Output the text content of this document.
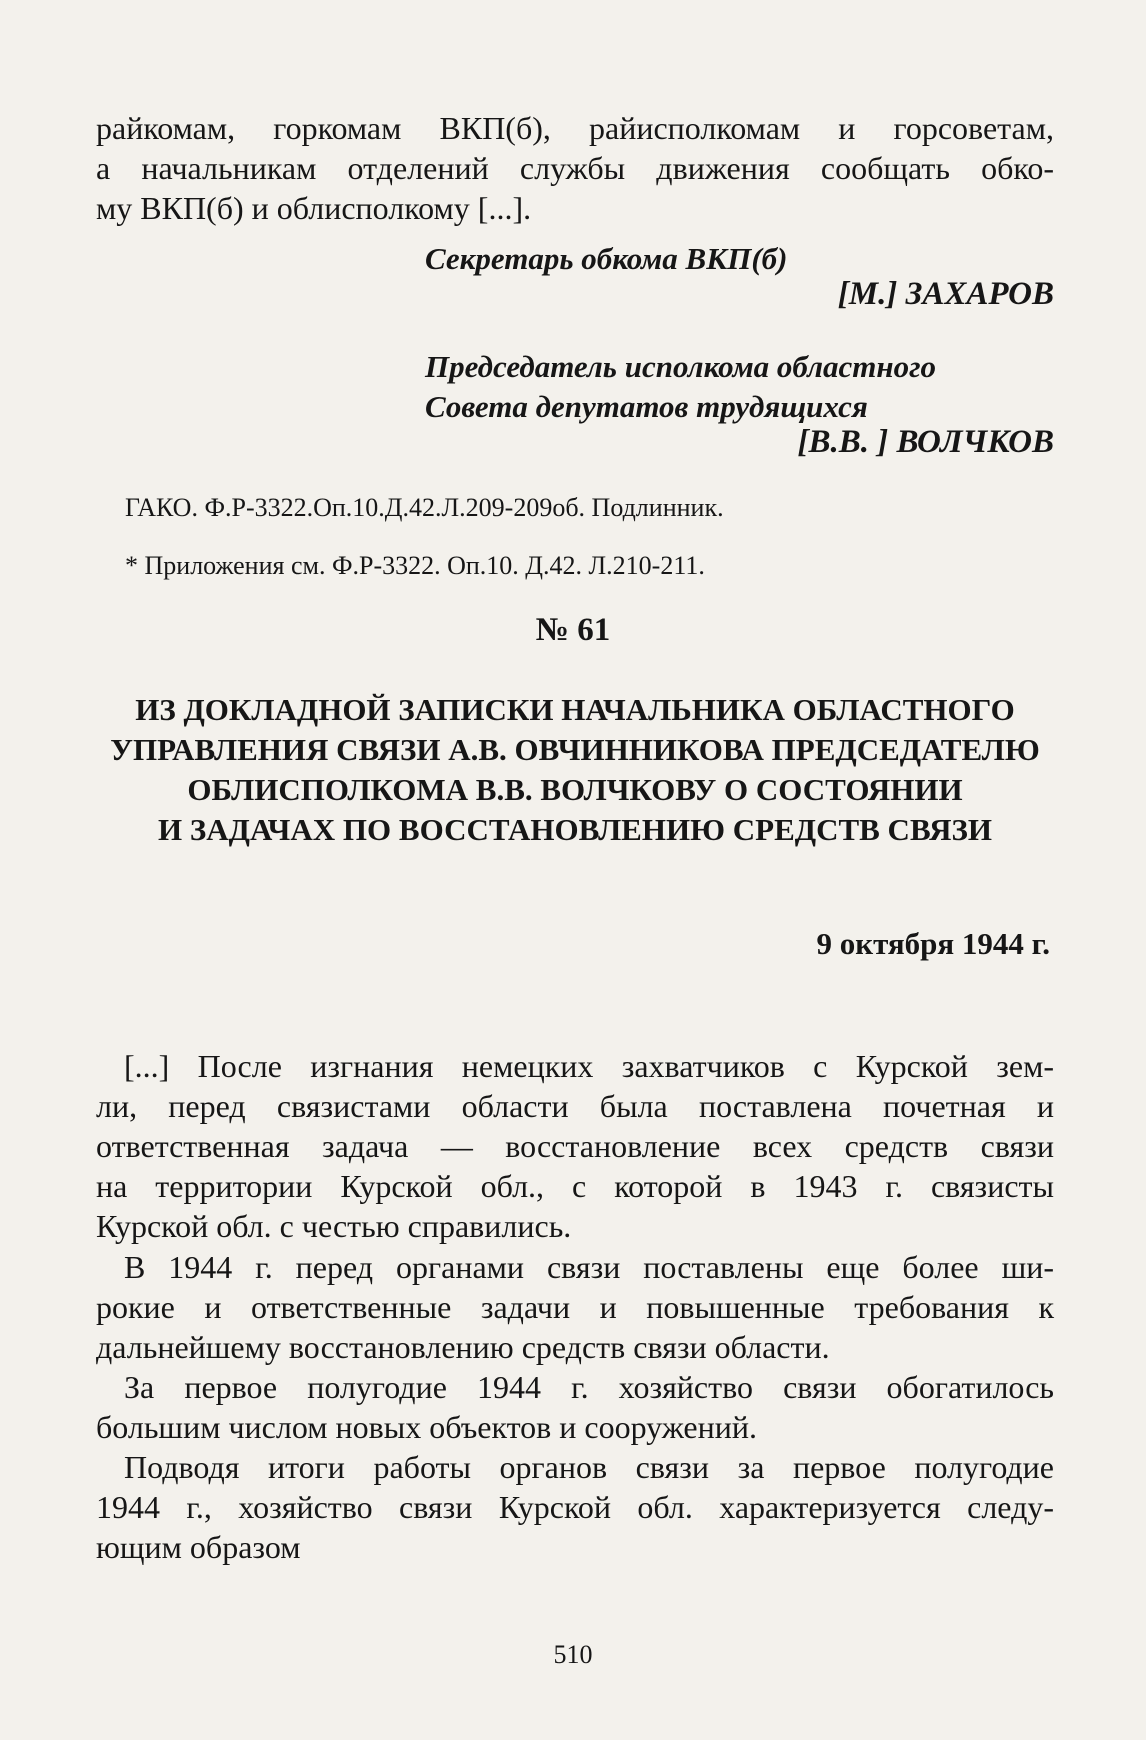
райкомам, горкомам ВКП(б), райисполкомам и горсоветам,
а начальникам отделений службы движения сообщать обко-
му ВКП(б) и облисполкому [...].
Секретарь обкома ВКП(б)
[М.] ЗАХАРОВ
Председатель исполкома областного
Совета депутатов трудящихся
[В.В. ] ВОЛЧКОВ
ГАКО. Ф.Р-3322.Оп.10.Д.42.Л.209-209об. Подлинник.
* Приложения см. Ф.Р-3322. Оп.10. Д.42. Л.210-211.
№ 61
ИЗ ДОКЛАДНОЙ ЗАПИСКИ НАЧАЛЬНИКА ОБЛАСТНОГО
УПРАВЛЕНИЯ СВЯЗИ А.В. ОВЧИННИКОВА ПРЕДСЕДАТЕЛЮ
ОБЛИСПОЛКОМА В.В. ВОЛЧКОВУ О СОСТОЯНИИ
И ЗАДАЧАХ ПО ВОССТАНОВЛЕНИЮ СРЕДСТВ СВЯЗИ
9 октября 1944 г.
[...] После изгнания немецких захватчиков с Курской зем-
ли, перед связистами области была поставлена почетная и
ответственная задача — восстановление всех средств связи
на территории Курской обл., с которой в 1943 г. связисты
Курской обл. с честью справились.
В 1944 г. перед органами связи поставлены еще более ши-
рокие и ответственные задачи и повышенные требования к
дальнейшему восстановлению средств связи области.
За первое полугодие 1944 г. хозяйство связи обогатилось
большим числом новых объектов и сооружений.
Подводя итоги работы органов связи за первое полугодие
1944 г., хозяйство связи Курской обл. характеризуется следу-
ющим образом
510
